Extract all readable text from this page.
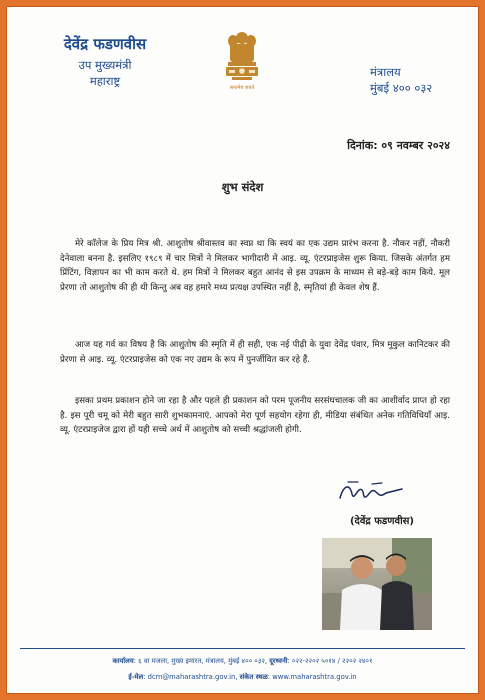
देवेंद्र फडणवीस
उप मुख्यमंत्री
महाराष्ट्र	सत्यमेव जयते
मंत्रालय
मुंबई ४०० ०३२
दिनांक: ०९ नवम्बर २०२४
शुभ संदेश

मेरे कॉलेज के प्रिय मित्र श्री. आशुतोष श्रीवास्तव का स्वप्न था कि स्वयं का एक उद्यम प्रारंभ करना है. नौकर नहीं, नौकरी देनेवाला बनना है. इसलिए १९८९ में चार मित्रों ने मिलकर भागीदारी में आइ. व्यू. एंटरप्राइजेस शुरू किया. जिसके अंतर्गत हम प्रिंटिंग, विज्ञापन का भी काम करते थे. हम मित्रों ने मिलकर बहुत आनंद से इस उपक्रम के माध्यम से बड़े-बड़े काम किये. मूल प्रेरणा तो आशुतोष की ही थी किन्तु अब वह हमारे मध्य प्रत्यक्ष उपस्थित नहीं है, स्मृतियां ही केवल शेष हैं.

आज यह गर्व का विषय है कि आशुतोष की स्मृति में ही सही, एक नई पीढ़ी के युवा देवेंद्र पंवार, मित्र मुकुल कानिटकर की प्रेरणा से आइ. व्यू. एंटरप्राइजेस को एक नए उद्यम के रूप में पुनर्जीवित कर रहे हैं.

इसका प्रथम प्रकाशन होने जा रहा है और पहले ही प्रकाशन को परम पूजनीय सरसंघचालक जी का आशीर्वाद प्राप्त हो रहा है. इस पूरी चमू को मेरी बहुत सारी शुभकामनाएं. आपको मेरा पूर्ण सहयोग रहेगा ही, मीडिया संबंधित अनेक गतिविधियाँ आइ. व्यू. एंटरप्राइजेज द्वारा हों यही सच्चे अर्थ में आशुतोष को सच्ची श्रद्धांजली होगी.

(देवेंद्र फडणवीस)
कार्यालय: ६ वा मजला, मुख्य इमारत, मंत्रालय, मुंबई ४०० ०३२, दूरध्वनी: ०२२-२२०२ ५०१४ / २२०२ २४०१
ई-मेल: dcm@maharashtra.gov.in, संकेत स्थळ: www.maharashtra.gov.in
